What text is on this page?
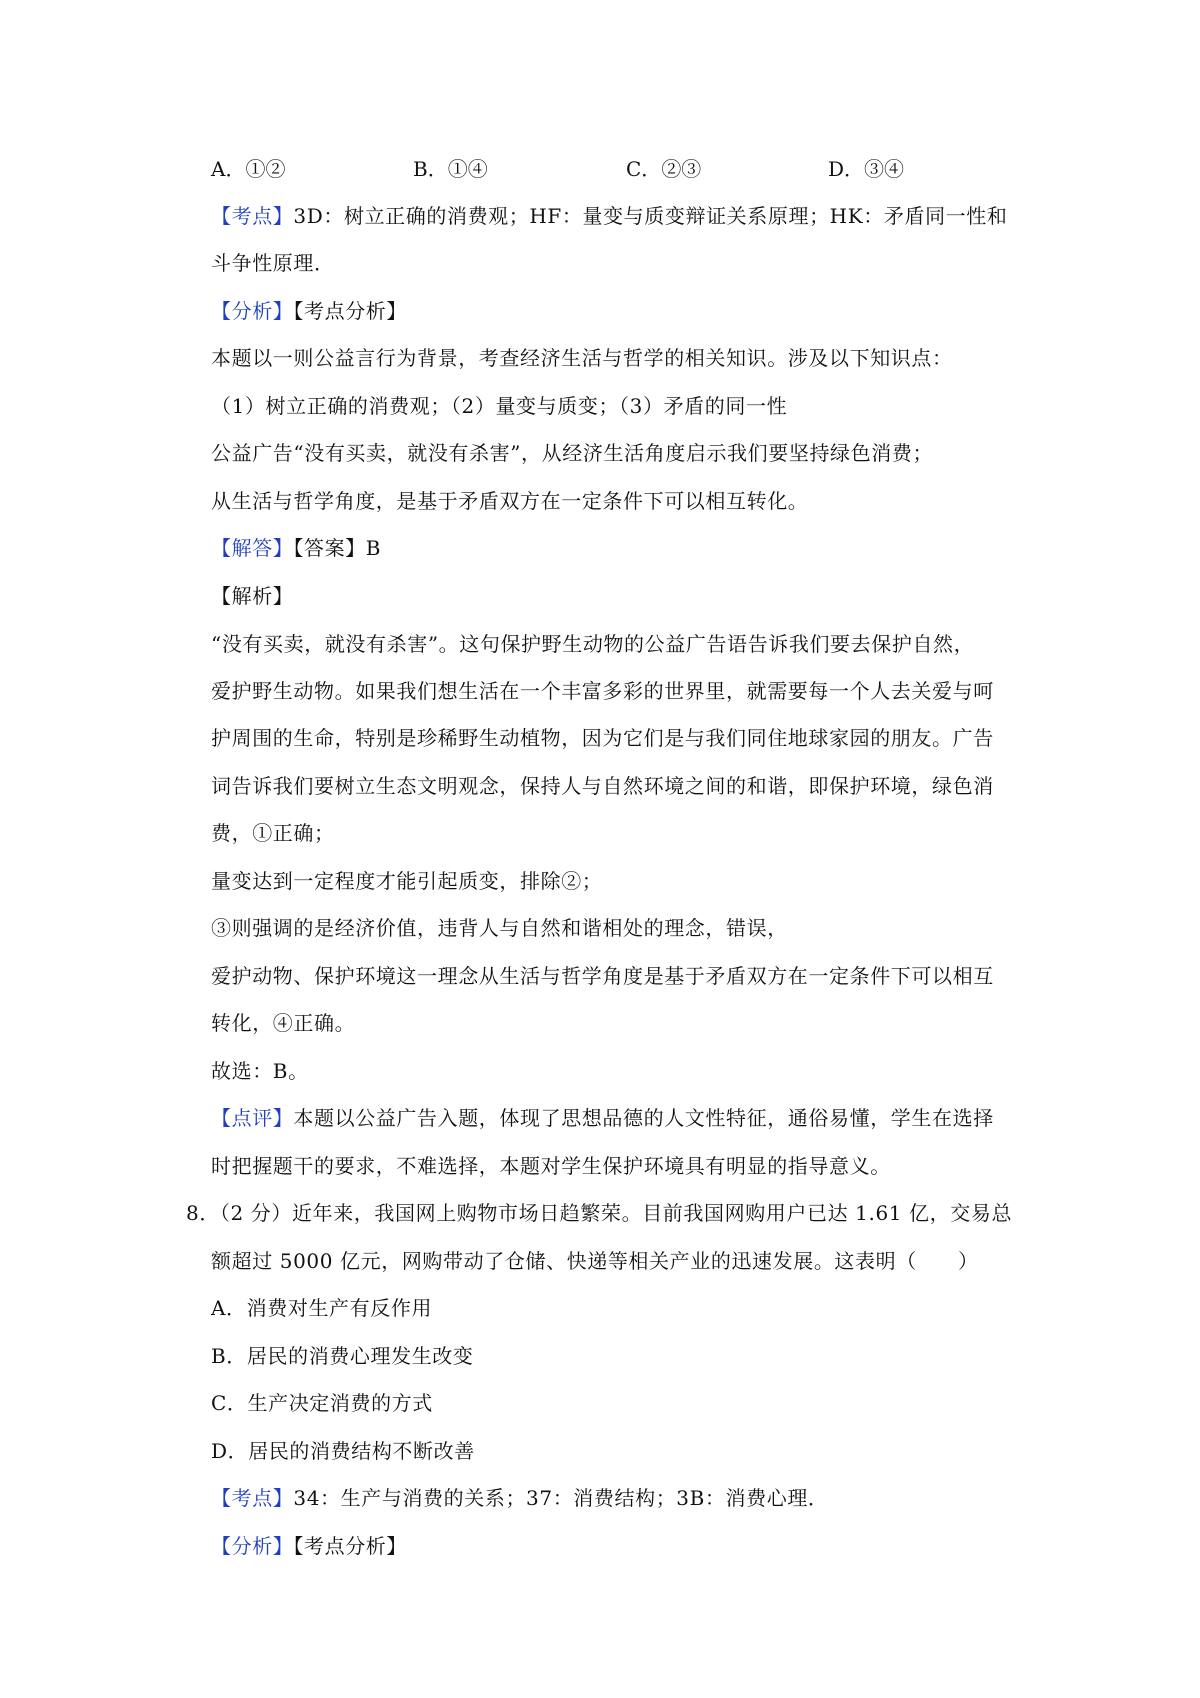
A．①②	B．①④	C．②③	D．③④
【考点】3D：树立正确的消费观；HF：量变与质变辩证关系原理；HK：矛盾同一性和
斗争性原理．
【分析】【考点分析】
本题以一则公益言行为背景，考查经济生活与哲学的相关知识。涉及以下知识点：
（1）树立正确的消费观；（2）量变与质变；（3）矛盾的同一性
公益广告“没有买卖，就没有杀害”，从经济生活角度启示我们要坚持绿色消费；
从生活与哲学角度，是基于矛盾双方在一定条件下可以相互转化。
【解答】【答案】B
【解析】
“没有买卖，就没有杀害”。这句保护野生动物的公益广告语告诉我们要去保护自然，
爱护野生动物。如果我们想生活在一个丰富多彩的世界里，就需要每一个人去关爱与呵
护周围的生命，特别是珍稀野生动植物，因为它们是与我们同住地球家园的朋友。广告
词告诉我们要树立生态文明观念，保持人与自然环境之间的和谐，即保护环境，绿色消
费，①正确；
量变达到一定程度才能引起质变，排除②；
③则强调的是经济价值，违背人与自然和谐相处的理念，错误，
爱护动物、保护环境这一理念从生活与哲学角度是基于矛盾双方在一定条件下可以相互
转化，④正确。
故选：B。
【点评】本题以公益广告入题，体现了思想品德的人文性特征，通俗易懂，学生在选择
时把握题干的要求，不难选择，本题对学生保护环境具有明显的指导意义。
8．（2 分）近年来，我国网上购物市场日趋繁荣。目前我国网购用户已达 1.61 亿，交易总
额超过 5000 亿元，网购带动了仓储、快递等相关产业的迅速发展。这表明（　　）
A．消费对生产有反作用
B．居民的消费心理发生改变
C．生产决定消费的方式
D．居民的消费结构不断改善
【考点】34：生产与消费的关系；37：消费结构；3B：消费心理．
【分析】【考点分析】
